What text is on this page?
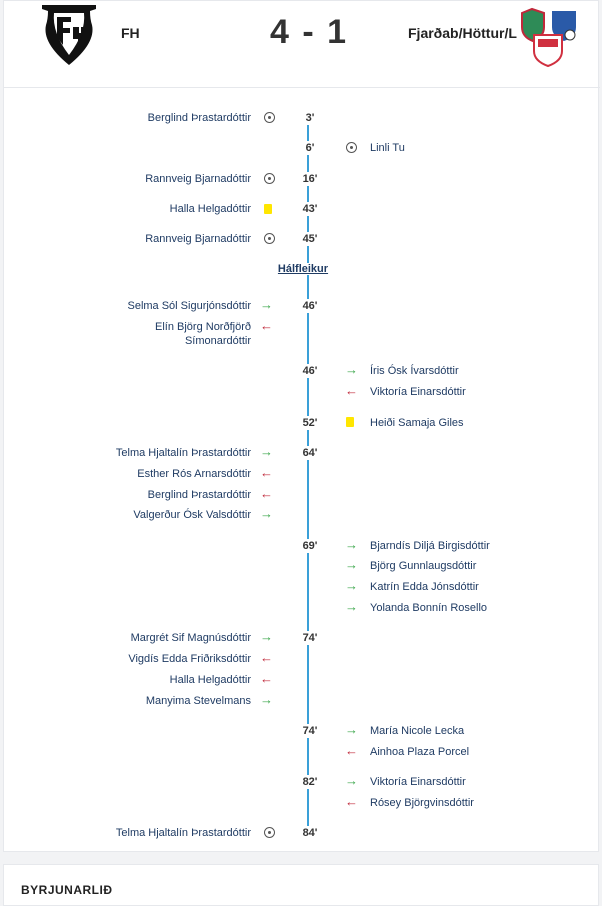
FH	4 - 1	Fjarðab/Höttur/L
Berglind Þrastardóttir	3'
6'	Linli Tu
Rannveig Bjarnadóttir	16'
Halla Helgadóttir	43'
Rannveig Bjarnadóttir	45'
Hálfleikur
Selma Sól Sigurjónsdóttir →	46'
Elín Björg Norðfjörð
Símonardóttir
←
46'	→ Íris Ósk Ívarsdóttir
← Viktoría Einarsdóttir
52'	Heiði Samaja Giles
Telma Hjaltalín Þrastardóttir →	64'
Esther Rós Arnarsdóttir ←
Berglind Þrastardóttir ←
Valgerður Ósk Valsdóttir →
69'	→ Bjarndís Diljá Birgisdóttir
→ Björg Gunnlaugsdóttir
→ Katrín Edda Jónsdóttir
→ Yolanda Bonnín Rosello
Margrét Sif Magnúsdóttir →	74'
Vigdís Edda Friðriksdóttir ←
Halla Helgadóttir ←
Manyima Stevelmans →
74'	→ María Nicole Lecka
← Ainhoa Plaza Porcel
82'	→ Viktoría Einarsdóttir
← Rósey Björgvinsdóttir
Telma Hjaltalín Þrastardóttir	84'
BYRJUNARLIÐ
